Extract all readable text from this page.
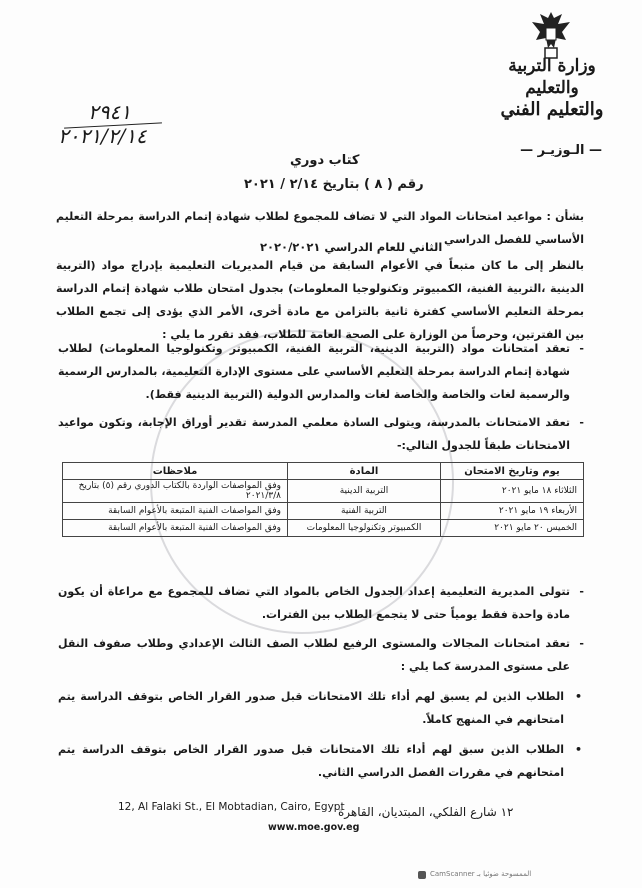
وزارة التربية والتعليم
والتعليم الفني
— الـوزيـر —
٢٩٤١
٢٠٢١/٢/١٤
كتاب دوري
رقم ( ٨ ) بتاريخ ٢/١٤ / ٢٠٢١
بشأن : مواعيد امتحانات المواد التي لا تضاف للمجموع لطلاب شهادة إتمام الدراسة بمرحلة التعليم الأساسي للفصل الدراسي
الثاني للعام الدراسي ٢٠٢٠/٢٠٢١
بالنظر إلى ما كان متبعاً في الأعوام السابقة من قيام المديريات التعليمية بإدراج مواد (التربية الدينية ،التربية الفنية، الكمبيوتر وتكنولوجيا المعلومات) بجدول امتحان طلاب شهادة إتمام الدراسة بمرحلة التعليم الأساسي كفترة ثانية بالتزامن مع مادة أخرى، الأمر الذي يؤدى إلى تجمع الطلاب بين الفترتين، وحرصاً من الوزارة على الصحة العامة للطلاب، فقد تقرر ما يلي :
- تعقد امتحانات مواد (التربية الدينية، التربية الفنية، الكمبيوتر وتكنولوجيا المعلومات) لطلاب شهادة إتمام الدراسة بمرحلة التعليم الأساسي على مستوى الإدارة التعليمية، بالمدارس الرسمية والرسمية لغات والخاصة والخاصة لغات والمدارس الدولية (التربية الدينية فقط).
- تعقد الامتحانات بالمدرسة، ويتولى السادة معلمي المدرسة تقدير أوراق الإجابة، وتكون مواعيد الامتحانات طبقاً للجدول التالي:-
يوم وتاريخ الامتحان	المادة	ملاحظات
الثلاثاء ١٨ مايو ٢٠٢١	التربية الدينية	وفق المواصفات الواردة بالكتاب الدوري رقم (٥) بتاريخ ٢٠٢١/٣/٨
الأربعاء ١٩ مايو ٢٠٢١	التربية الفنية	وفق المواصفات الفنية المتبعة بالأعوام السابقة
الخميس ٢٠ مايو ٢٠٢١	الكمبيوتر وتكنولوجيا المعلومات	وفق المواصفات الفنية المتبعة بالأعوام السابقة
- تتولى المديرية التعليمية إعداد الجدول الخاص بالمواد التي تضاف للمجموع مع مراعاة أن يكون مادة واحدة فقط يومياً حتى لا يتجمع الطلاب بين الفترات.
- تعقد امتحانات المجالات والمستوى الرفيع لطلاب الصف الثالث الإعدادي وطلاب صفوف النقل على مستوى المدرسة كما يلي :
• الطلاب الذين لم يسبق لهم أداء تلك الامتحانات قبل صدور القرار الخاص بتوقف الدراسة يتم امتحانهم في المنهج كاملاً.
• الطلاب الذين سبق لهم أداء تلك الامتحانات قبل صدور القرار الخاص بتوقف الدراسة يتم امتحانهم في مقررات الفصل الدراسي الثاني.
١٢ شارع الفلكي، المبتديان، القاهرة
12, Al Falaki St., El Mobtadian, Cairo, Egypt
www.moe.gov.eg
CamScanner الممسوحة ضوئيا بـ
